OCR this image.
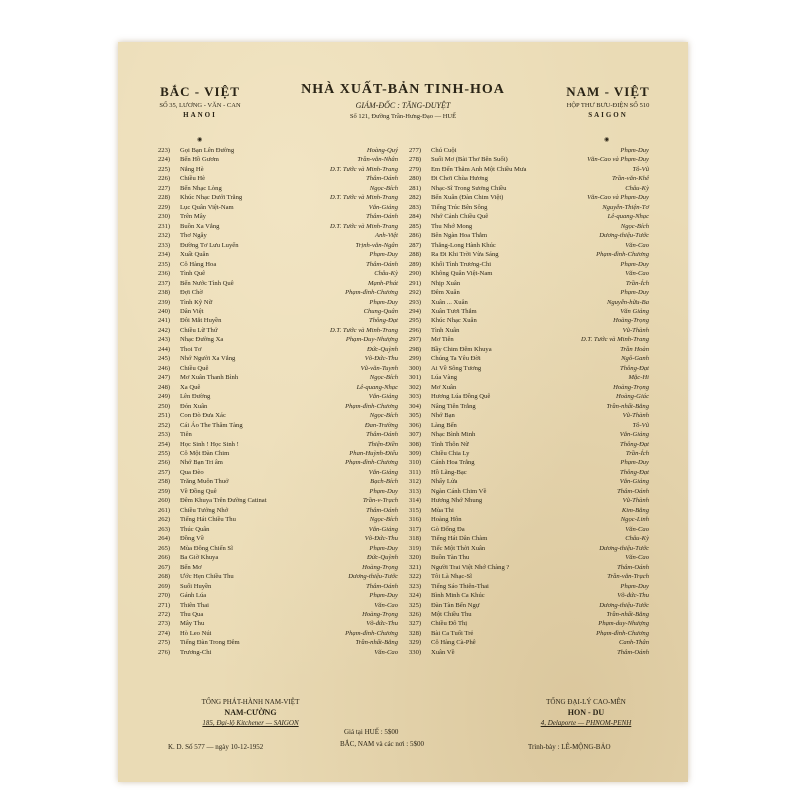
BẮC - VIỆT
SỐ 35, LƯƠNG - VĂN - CAN
HANOI
NHÀ XUẤT-BẢN TINH-HOA
GIÁM-ĐỐC : TĂNG-DUYỆT
Số 121, Đường Trần-Hưng-Đạo — HUẾ
NAM - VIỆT
HỘP THƯ BƯU-ĐIỆN SỐ 510
SAIGON
◉	◉
223) Gọi Bạn Lên Đường	Hoàng-Quý
224) Bến Hồ Gươm	Trần-văn-Nhân
225) Nắng Hè	D.T. Tước và Minh-Trang
226) Chiều Hè	Thâm-Oánh
227) Bến Nhạc Lòng	Ngọc-Bích
228) Khúc Nhạc Dưới Trăng	D.T. Tước và Minh-Trang
229) Lục Quân Việt-Nam	Văn-Giảng
230) Trên Mây	Thâm-Oánh
231) Buồn Xa Vắng	D.T. Tước và Minh-Trang
232) Thơ Ngây	Anh-Việt
233) Đường Tơ Lưu Luyến	Trịnh-văn-Ngân
234) Xuất Quân	Phạm-Duy
235) Cô Hàng Hoa	Thâm-Oánh
236) Tình Quê	Châu-Kỳ
237) Bến Nước Tình Quê	Mạnh-Phát
238) Đợi Chờ	Phạm-đình-Chương
239) Tình Kỹ Nữ	Phạm-Duy
240) Dân Việt	Chung-Quân
241) Đôi Mắt Huyền	Thông-Đạt
242) Chiều Lữ Thứ	D.T. Tước và Minh-Trang
243) Nhạc Đường Xa	Phạm-Duy-Nhượng
244) Thoi Tơ	Đức-Quỳnh
245) Nhớ Người Xa Vắng	Võ-Đức-Thu
246) Chiều Quê	Vũ-văn-Tuynh
247) Mơ Xuân Thanh Bình	Ngọc-Bích
248) Xa Quê	Lê-quang-Nhạc
249) Lên Đường	Văn-Giảng
250) Đón Xuân	Phạm-đình-Chương
251) Con Đò Đưa Xác	Ngọc-Bích
252) Cái Áo The Thâm Tàng	Đan-Trường
253) Tiên	Thâm-Oánh
254) Học Sinh ! Học Sinh !	Thiện-Điền
255) Cô Một Đàn Chim	Phan-Huỳnh-Điểu
256) Nhớ Bạn Tri âm	Phạm-đình-Chương
257) Qua Đèo	Văn-Giảng
258) Trăng Muôn Thuở	Bạch-Bích
259) Về Đồng Quê	Phạm-Duy
260) Đêm Khuya Trên Đường Catinat	Trần-v-Trạch
261) Chiều Tưởng Nhớ	Thâm-Oánh
262) Tiếng Hát Chiều Thu	Ngọc-Bích
263) Thúc Quân	Văn-Giảng
264) Đồng Về	Võ-Đức-Thu
265) Mùa Đông Chiến Sĩ	Phạm-Duy
266) Ba Giờ Khuya	Đức-Quỳnh
267) Bến Mơ	Hoàng-Trọng
268) Ước Hẹn Chiều Thu	Dương-thiệu-Tước
269) Suối Huyền	Thâm-Oánh
270) Gánh Lúa	Phạm-Duy
271) Thiên Thai	Văn-Cao
272) Thu Qua	Hoàng-Trọng
273) Mây Thu	Võ-đức-Thu
274) Hò Leo Núi	Phạm-đình-Chương
275) Tiếng Đàn Trong Đêm	Trần-nhất-Bằng
276) Trương-Chi	Văn-Cao
277) Chú Cuội	Phạm-Duy
278) Suối Mơ (Bài Thơ Bên Suối)	Văn-Cao và Phạm-Duy
279) Em Đến Thăm Anh Một Chiều Mưa	Tô-Vũ
280) Đi Chơi Chùa Hương	Trần-văn-Khê
281) Nhạc-Sĩ Trong Sương Chiều	Châu-Kỳ
282) Bến Xuân (Đàn Chim Việt)	Văn-Cao và Phạm-Duy
283) Tiếng Trúc Bên Sông	Nguyễn-Thiện-Tơ
284) Nhớ Cảnh Chiều Quê	Lê-quang-Nhạc
285) Thu Nhớ Mong	Ngọc-Bích
286) Bên Ngàn Hoa Thắm	Dương-thiệu-Tước
287) Thăng-Long Hành Khúc	Văn-Cao
288) Ra Đi Khi Trời Vừa Sáng	Phạm-đình-Chương
289) Khối Tình Trương-Chi	Phạm-Duy
290) Không Quân Việt-Nam	Văn-Cao
291) Nhịp Xuân	Trần-Ích
292) Đêm Xuân	Phạm-Duy
293) Xuân ... Xuân	Nguyễn-hữu-Ba
294) Xuân Tươi Thắm	Văn Giảng
295) Khúc Nhạc Xuân	Hoàng-Trọng
296) Tình Xuân	Vũ-Thành
297) Mơ Tiên	D.T. Tước và Minh-Trang
298) Bầy Chim Đêm Khuya	Trần Hoàn
299) Chúng Ta Yêu Đời	Ngô-Ganh
300) Ai Về Sông Tương	Thông-Đạt
301) Lúa Vàng	Mặc-Hi
302) Mơ Xuân	Hoàng-Trọng
303) Hương Lúa Đồng Quê	Hoàng-Giác
304) Nâng Tiên Trắng	Trần-nhất-Bằng
305) Nhớ Bạn	Vũ-Thành
306) Làng Bến	Tô-Vũ
307) Nhạc Bình Minh	Văn-Giảng
308) Tình Thôn Nữ	Thông-Đạt
309) Chiều Chia Ly	Trần-Ích
310) Cánh Hoa Trắng	Phạm-Duy
311) Hồ Lãng-Bạc	Thông-Đạt
312) Nhẩy Lửa	Văn-Giảng
313) Ngàn Cánh Chim Về	Thâm-Oánh
314) Hương Nhớ Nhung	Vũ-Thành
315) Mùa Thi	Kim-Bằng
316) Hoàng Hôn	Ngọc-Linh
317) Gò Đống Đa	Văn-Cao
318) Tiếng Hát Dân Chàm	Châu-Kỳ
319) Tiếc Một Thời Xuân	Dương-thiệu-Tước
320) Buồn Tàn Thu	Văn-Cao
321) Người Trai Việt Nhớ Chàng ?	Thâm-Oánh
322) Tôi Là Nhạc-Sĩ	Trần-văn-Trạch
323) Tiếng Sáo Thiên-Thai	Phạm-Duy
324) Bình Minh Ca Khúc	Võ-đức-Thu
325) Đàn Tàn Bến Ngự	Dương-thiệu-Tước
326) Một Chiều Thu	Trần-nhất-Bằng
327) Chiều Đô Thị	Phạm-duy-Nhượng
328) Bài Ca Tuổi Trẻ	Phạm-đình-Chương
329) Cô Hàng Cà-Phê	Canh-Thân
330) Xuân Về	Thâm-Oánh
TỔNG PHÁT-HÀNH NAM-VIỆT
NAM-CƯỜNG
185, Đại-lộ Kitchener — SAIGON
K. D. Số 577 — ngày 10-12-1952
Giá tại HUẾ : 5$00
BẮC, NAM và các nơi : 5$00
TỔNG ĐẠI-LÝ CAO-MÊN
HON - DU
4, Delaporte — PHNOM-PENH
Trình-bày : LÊ-MỘNG-BẢO
